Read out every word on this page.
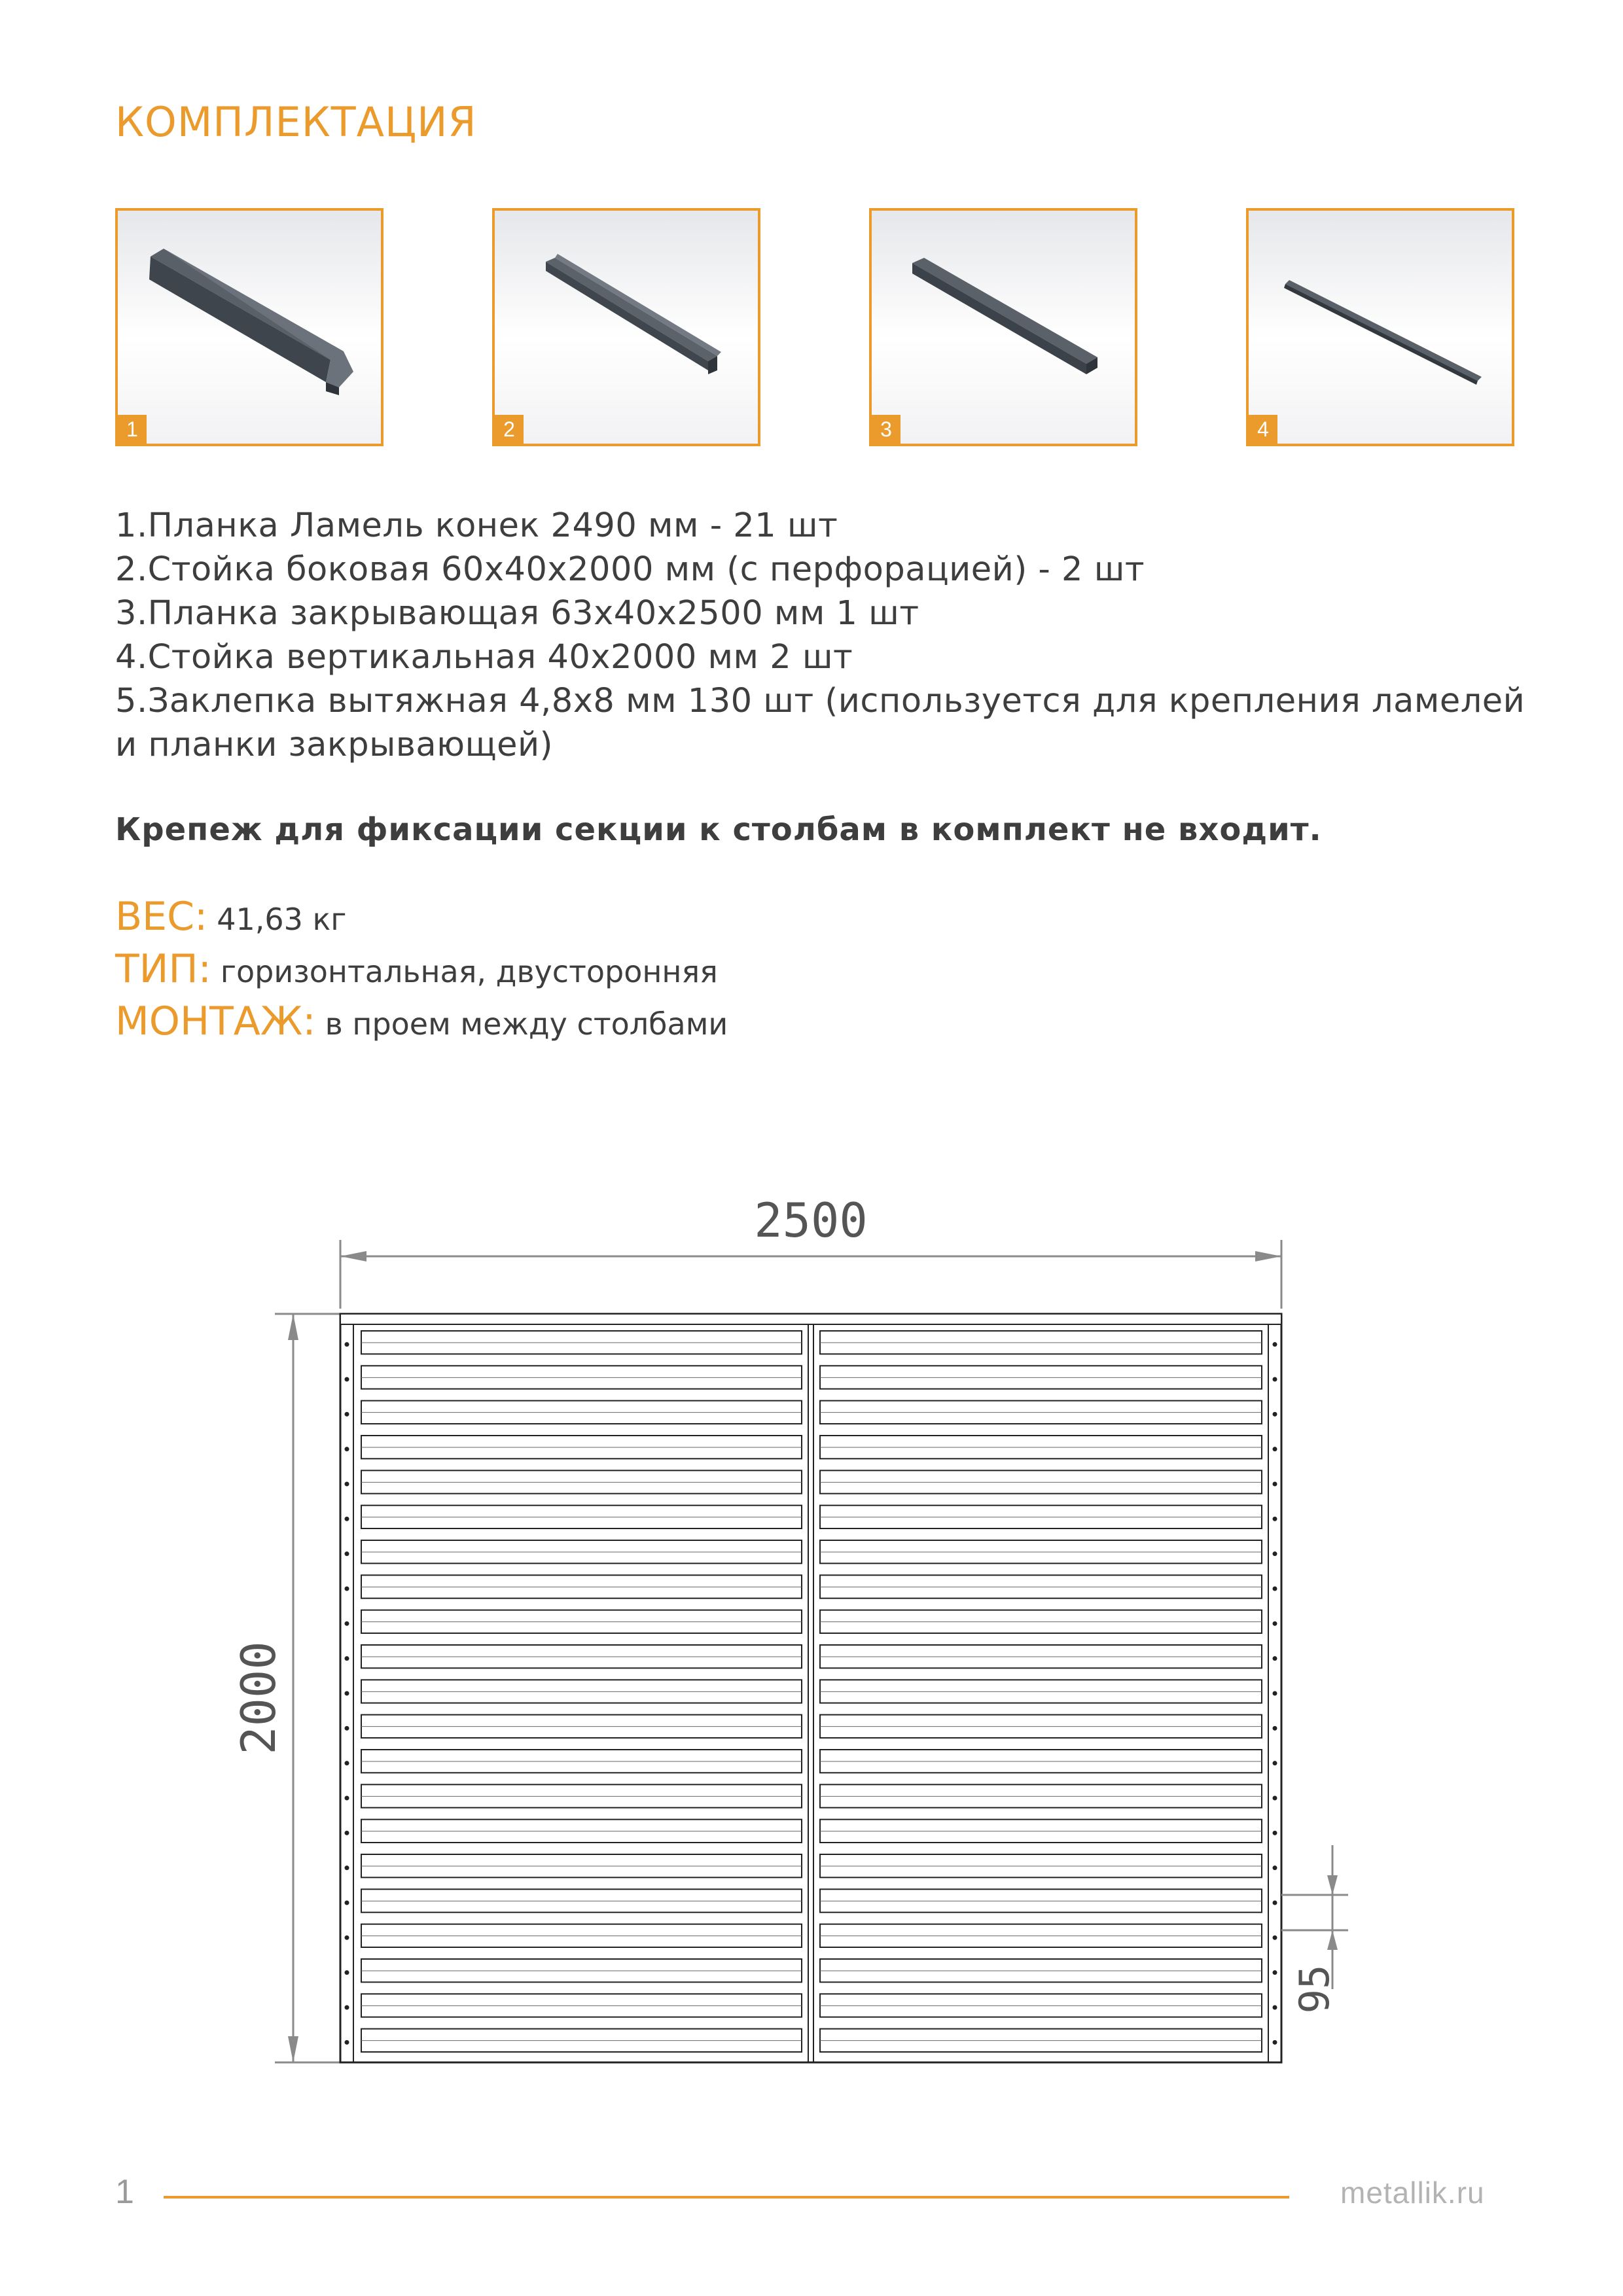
КОМПЛЕКТАЦИЯ
1	2	3	4
1.Планка Ламель конек 2490 мм - 21 шт
2.Стойка боковая 60х40х2000 мм (с перфорацией) - 2 шт
3.Планка закрывающая 63х40х2500 мм 1 шт
4.Стойка вертикальная 40х2000 мм 2 шт
5.Заклепка вытяжная 4,8х8 мм 130 шт (используется для крепления ламелей
и планки закрывающей)
Крепеж для фиксации секции к столбам в комплект не входит.
ВЕС: 41,63 кг
ТИП: горизонтальная, двусторонняя
МОНТАЖ: в проем между столбами
2500
2000
95
1	metallik.ru
